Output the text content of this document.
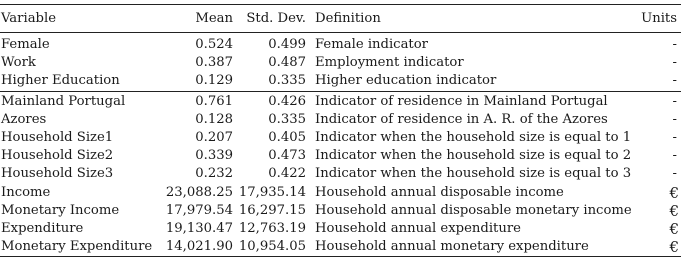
Variable	Mean	Std. Dev.	Definition	Units
Female	0.524	0.499	Female indicator	-
Work	0.387	0.487	Employment indicator	-
Higher Education	0.129	0.335	Higher education indicator	-
Mainland Portugal	0.761	0.426	Indicator of residence in Mainland Portugal	-
Azores	0.128	0.335	Indicator of residence in A. R. of the Azores	-
Household Size1	0.207	0.405	Indicator when the household size is equal to 1	-
Household Size2	0.339	0.473	Indicator when the household size is equal to 2	-
Household Size3	0.232	0.422	Indicator when the household size is equal to 3	-
Income	23,088.25	17,935.14	Household annual disposable income	€
Monetary Income	17,979.54	16,297.15	Household annual disposable monetary income	€
Expenditure	19,130.47	12,763.19	Household annual expenditure	€
Monetary Expenditure	14,021.90	10,954.05	Household annual monetary expenditure	€
